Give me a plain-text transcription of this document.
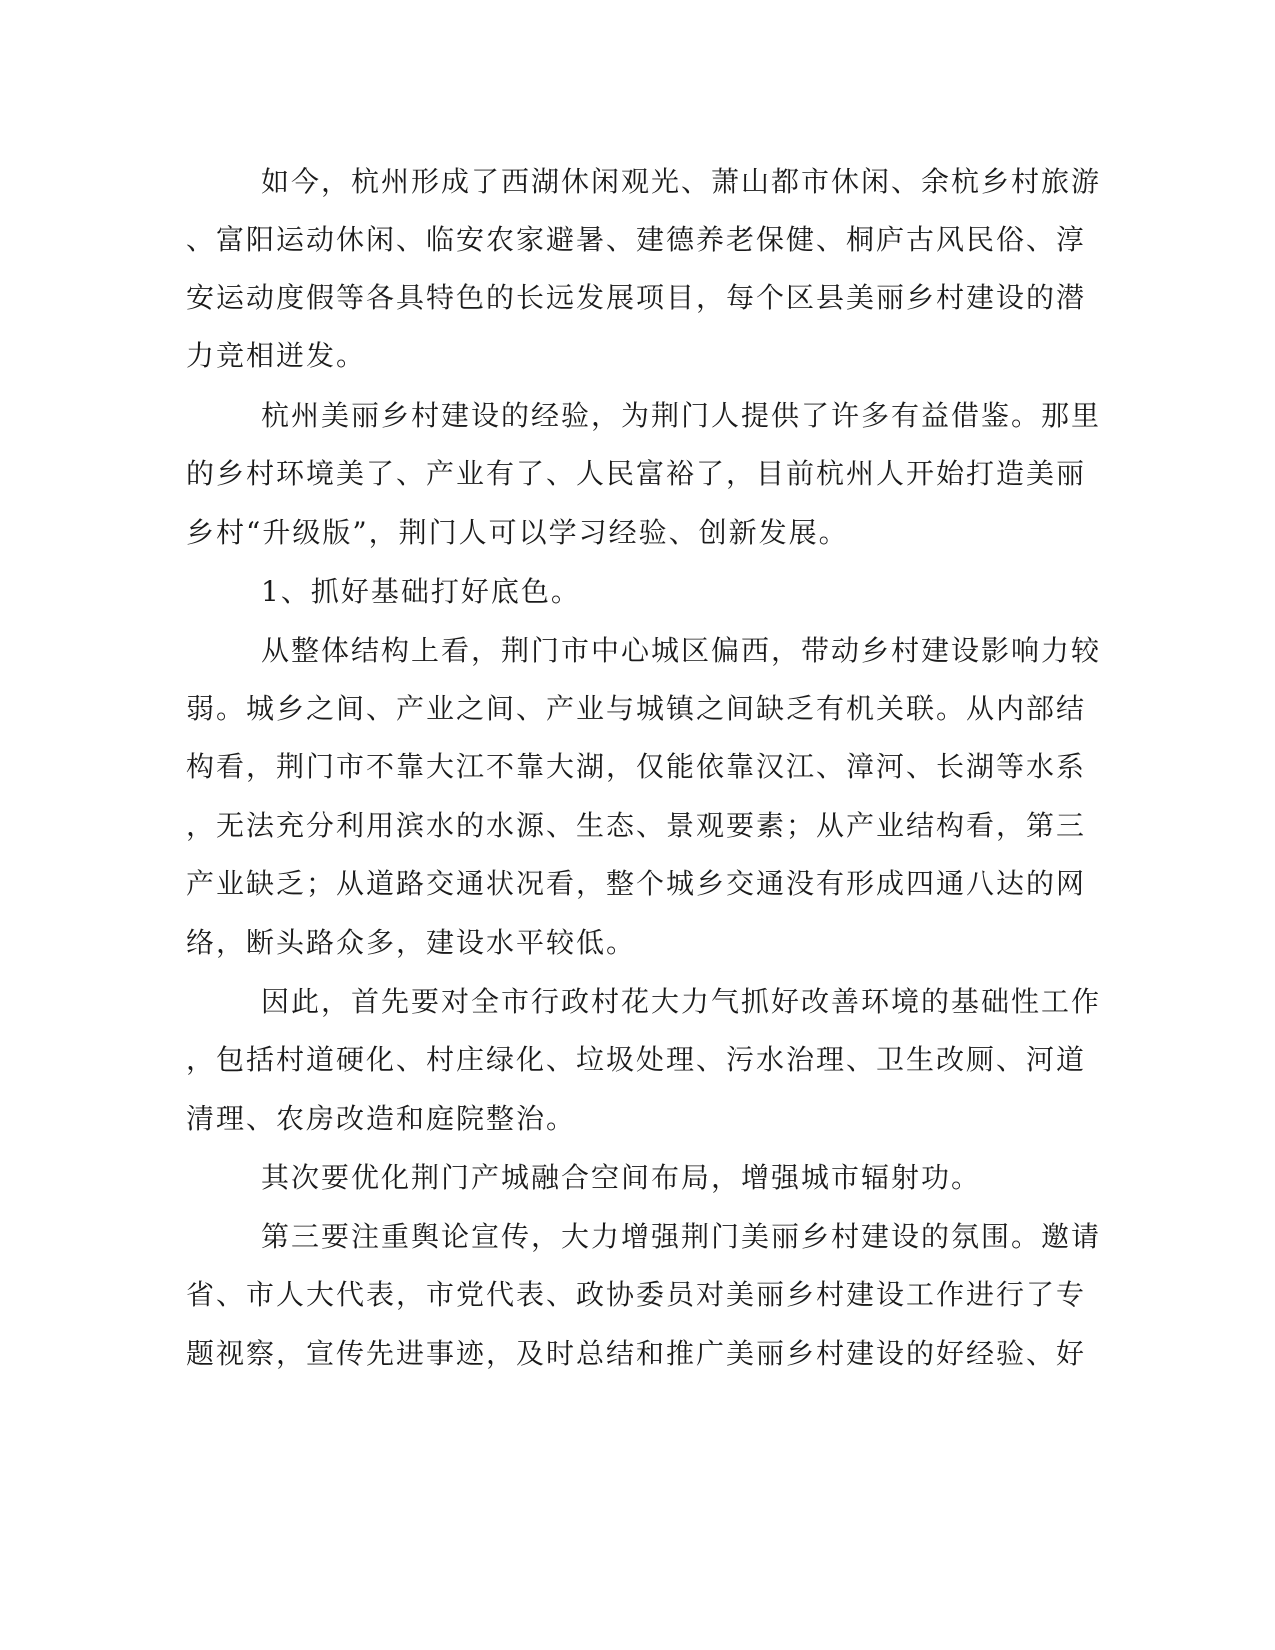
如今，杭州形成了西湖休闲观光、萧山都市休闲、余杭乡村旅游
、富阳运动休闲、临安农家避暑、建德养老保健、桐庐古风民俗、淳
安运动度假等各具特色的长远发展项目，每个区县美丽乡村建设的潜
力竞相迸发。
杭州美丽乡村建设的经验，为荆门人提供了许多有益借鉴。那里
的乡村环境美了、产业有了、人民富裕了，目前杭州人开始打造美丽
乡村“升级版”，荆门人可以学习经验、创新发展。
1、抓好基础打好底色。
从整体结构上看，荆门市中心城区偏西，带动乡村建设影响力较
弱。城乡之间、产业之间、产业与城镇之间缺乏有机关联。从内部结
构看，荆门市不靠大江不靠大湖，仅能依靠汉江、漳河、长湖等水系
，无法充分利用滨水的水源、生态、景观要素；从产业结构看，第三
产业缺乏；从道路交通状况看，整个城乡交通没有形成四通八达的网
络，断头路众多，建设水平较低。
因此，首先要对全市行政村花大力气抓好改善环境的基础性工作
，包括村道硬化、村庄绿化、垃圾处理、污水治理、卫生改厕、河道
清理、农房改造和庭院整治。
其次要优化荆门产城融合空间布局，增强城市辐射功。
第三要注重舆论宣传，大力增强荆门美丽乡村建设的氛围。邀请
省、市人大代表，市党代表、政协委员对美丽乡村建设工作进行了专
题视察，宣传先进事迹，及时总结和推广美丽乡村建设的好经验、好
